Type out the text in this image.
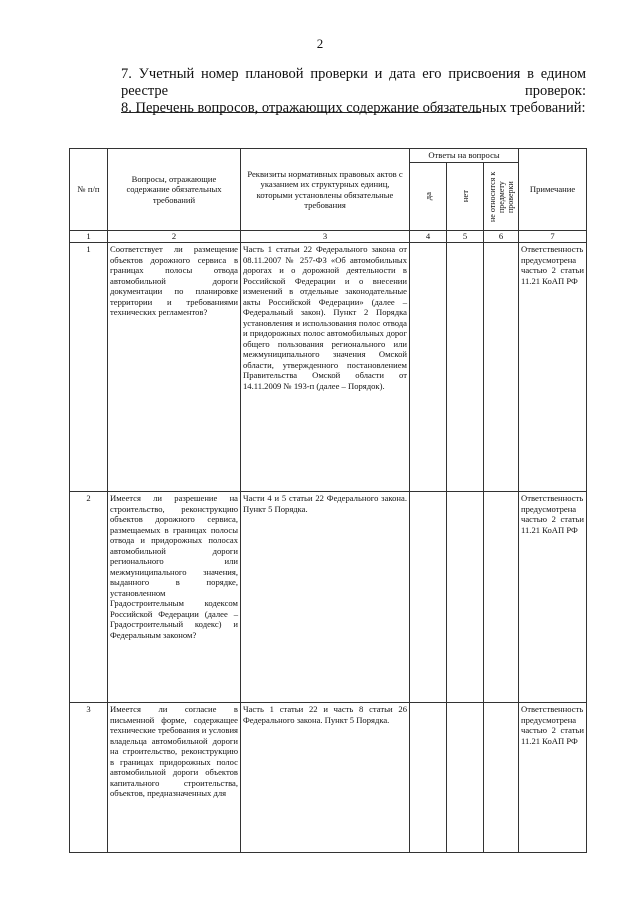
2
7. Учетный номер плановой проверки и дата его присвоения в едином реестре проверок:
8. Перечень вопросов, отражающих содержание обязательных требований:
№ п/п	Вопросы, отражающие содержание обязательных требований	Реквизиты нормативных правовых актов с указанием их структурных единиц, которыми установлены обязательные требования	Ответы на вопросы			Примечание

			да	нет	не относится к предмету проверки	

1	2	3	4	5	6	7
1	Соответствует ли размещение объектов дорожного сервиса в границах полосы отвода автомобильной дороги документации по планировке территории и требованиями технических регламентов?	Часть 1 статьи 22 Федерального закона от 08.11.2007 № 257-ФЗ «Об автомобильных дорогах и о дорожной деятельности в Российской Федерации и о внесении изменений в отдельные законодательные акты Российской Федерации» (далее – Федеральный закон). Пункт 2 Порядка установления и использования полос отвода и придорожных полос автомобильных дорог общего пользования регионального или межмуниципального значения Омской области, утвержденного постановлением Правительства Омской области от 14.11.2009 № 193-п (далее – Порядок).				Ответственность предусмотрена частью 2 статьи 11.21 КоАП РФ
2	Имеется ли разрешение на строительство, реконструкцию объектов дорожного сервиса, размещаемых в границах полосы отвода и придорожных полосах автомобильной дороги регионального или межмуниципального значения, выданного в порядке, установленном Градостроительным кодексом Российской Федерации (далее – Градостроительный кодекс) и Федеральным законом?	Части 4 и 5 статьи 22 Федерального закона. Пункт 5 Порядка.				Ответственность предусмотрена частью 2 статьи 11.21 КоАП РФ
3	Имеется ли согласие в письменной форме, содержащее технические требования и условия владельца автомобильной дороги на строительство, реконструкцию в границах придорожных полос автомобильной дороги объектов капитального строительства, объектов, предназначенных для	Часть 1 статьи 22 и часть 8 статьи 26 Федерального закона. Пункт 5 Порядка.				Ответственность предусмотрена частью 2 статьи 11.21 КоАП РФ
